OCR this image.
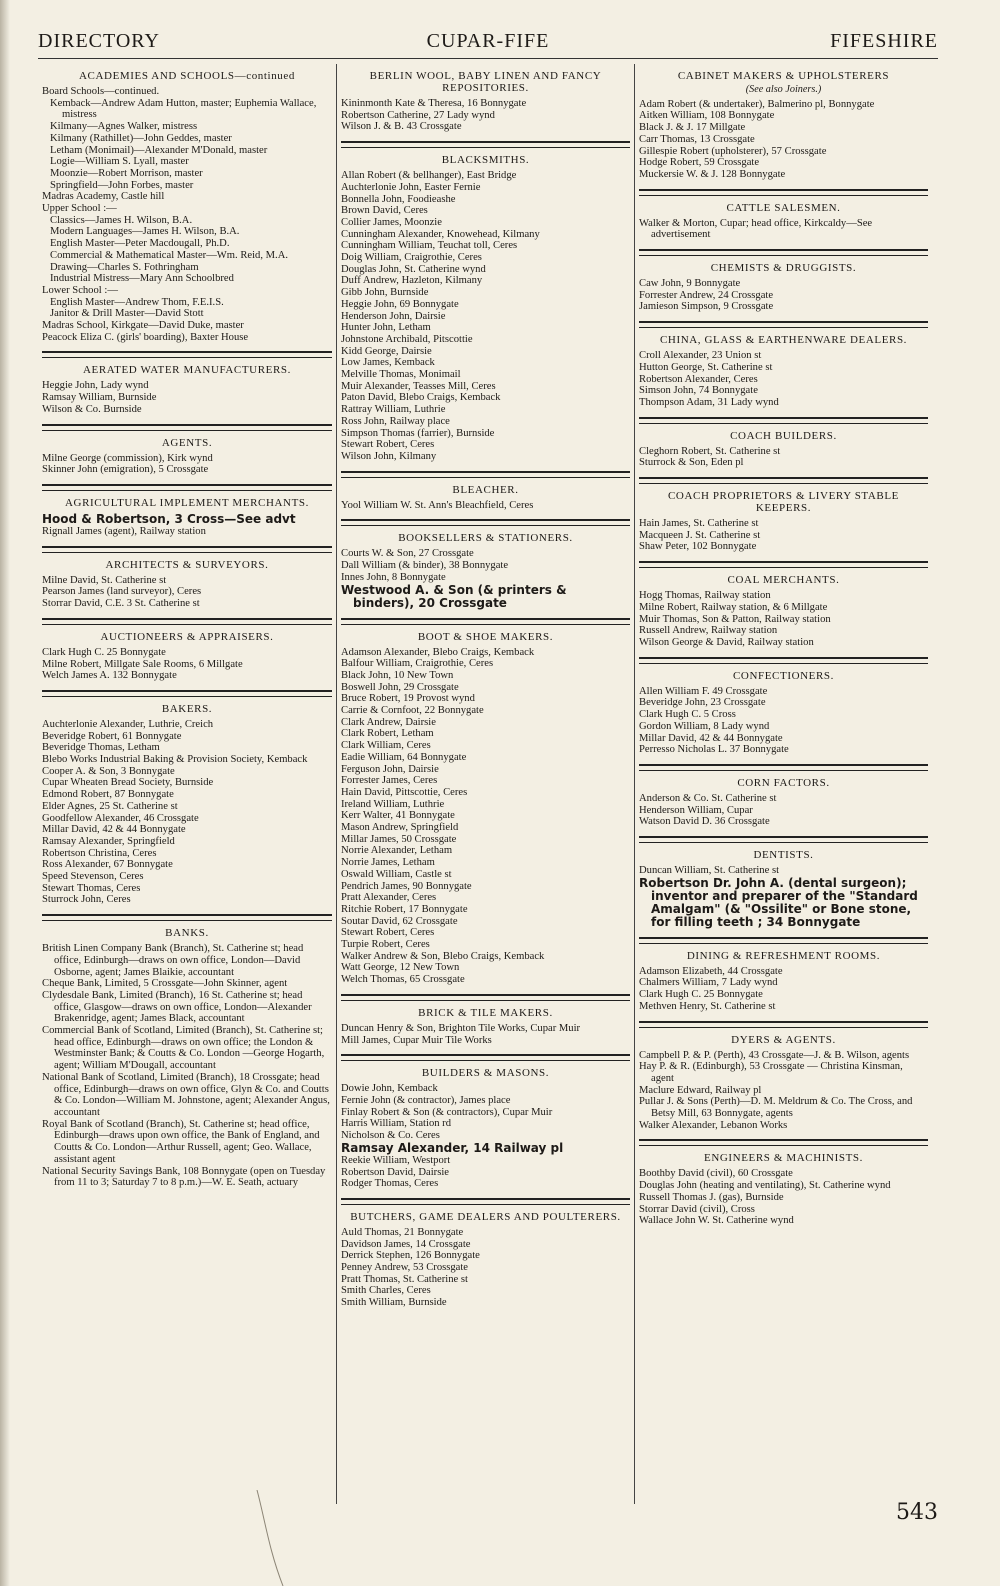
DIRECTORY	CUPAR-FIFE	FIFESHIRE
ACADEMIES AND SCHOOLS—continued

Board Schools—continued.

Kemback—Andrew Adam Hutton, master; Euphemia Wallace, mistress

Kilmany—Agnes Walker, mistress

Kilmany (Rathillet)—John Geddes, master

Letham (Monimail)—Alexander M'Donald, master

Logie—William S. Lyall, master

Moonzie—Robert Morrison, master

Springfield—John Forbes, master

Madras Academy, Castle hill

Upper School :—

Classics—James H. Wilson, B.A.

Modern Languages—James H. Wilson, B.A.

English Master—Peter Macdougall, Ph.D.

Commercial & Mathematical Master—Wm. Reid, M.A.

Drawing—Charles S. Fothringham

Industrial Mistress—Mary Ann Schoolbred

Lower School :—

English Master—Andrew Thom, F.E.I.S.

Janitor & Drill Master—David Stott

Madras School, Kirkgate—David Duke, master

Peacock Eliza C. (girls' boarding), Baxter House

AERATED WATER MANUFACTURERS.

Heggie John, Lady wynd

Ramsay William, Burnside

Wilson & Co. Burnside

AGENTS.

Milne George (commission), Kirk wynd

Skinner John (emigration), 5 Crossgate

AGRICULTURAL IMPLEMENT MERCHANTS.

Hood & Robertson, 3 Cross—See advt

Rignall James (agent), Railway station

ARCHITECTS & SURVEYORS.

Milne David, St. Catherine st

Pearson James (land surveyor), Ceres

Storrar David, C.E. 3 St. Catherine st

AUCTIONEERS & APPRAISERS.

Clark Hugh C. 25 Bonnygate

Milne Robert, Millgate Sale Rooms, 6 Millgate

Welch James A. 132 Bonnygate

BAKERS.

Auchterlonie Alexander, Luthrie, Creich

Beveridge Robert, 61 Bonnygate

Beveridge Thomas, Letham

Blebo Works Industrial Baking & Provision Society, Kemback

Cooper A. & Son, 3 Bonnygate

Cupar Wheaten Bread Society, Burnside

Edmond Robert, 87 Bonnygate

Elder Agnes, 25 St. Catherine st

Goodfellow Alexander, 46 Crossgate

Millar David, 42 & 44 Bonnygate

Ramsay Alexander, Springfield

Robertson Christina, Ceres

Ross Alexander, 67 Bonnygate

Speed Stevenson, Ceres

Stewart Thomas, Ceres

Sturrock John, Ceres

BANKS.

British Linen Company Bank (Branch), St. Catherine st; head office, Edinburgh—draws on own office, London—David Osborne, agent; James Blaikie, accountant

Cheque Bank, Limited, 5 Crossgate—John Skinner, agent

Clydesdale Bank, Limited (Branch), 16 St. Catherine st; head office, Glasgow—draws on own office, London—Alexander Brakenridge, agent; James Black, accountant

Commercial Bank of Scotland, Limited (Branch), St. Catherine st; head office, Edinburgh—draws on own office; the London & Westminster Bank; & Coutts & Co. London —George Hogarth, agent; William M'Dougall, accountant

National Bank of Scotland, Limited (Branch), 18 Crossgate; head office, Edinburgh—draws on own office, Glyn & Co. and Coutts & Co. London—William M. Johnstone, agent; Alexander Angus, accountant

Royal Bank of Scotland (Branch), St. Catherine st; head office, Edinburgh—draws upon own office, the Bank of England, and Coutts & Co. London—Arthur Russell, agent; Geo. Wallace, assistant agent

National Security Savings Bank, 108 Bonnygate (open on Tuesday from 11 to 3; Saturday 7 to 8 p.m.)—W. E. Seath, actuary

BERLIN WOOL, BABY LINEN AND FANCY REPOSITORIES.

Kininmonth Kate & Theresa, 16 Bonnygate

Robertson Catherine, 27 Lady wynd

Wilson J. & B. 43 Crossgate

BLACKSMITHS.

Allan Robert (& bellhanger), East Bridge

Auchterlonie John, Easter Fernie

Bonnella John, Foodieashe

Brown David, Ceres

Collier James, Moonzie

Cunningham Alexander, Knowehead, Kilmany

Cunningham William, Teuchat toll, Ceres

Doig William, Craigrothie, Ceres

Douglas John, St. Catherine wynd

Duff Andrew, Hazleton, Kilmany

Gibb John, Burnside

Heggie John, 69 Bonnygate

Henderson John, Dairsie

Hunter John, Letham

Johnstone Archibald, Pitscottie

Kidd George, Dairsie

Low James, Kemback

Melville Thomas, Monimail

Muir Alexander, Teasses Mill, Ceres

Paton David, Blebo Craigs, Kemback

Rattray William, Luthrie

Ross John, Railway place

Simpson Thomas (farrier), Burnside

Stewart Robert, Ceres

Wilson John, Kilmany

BLEACHER.

Yool William W. St. Ann's Bleachfield, Ceres

BOOKSELLERS & STATIONERS.

Courts W. & Son, 27 Crossgate

Dall William (& binder), 38 Bonnygate

Innes John, 8 Bonnygate

Westwood A. & Son (& printers & binders), 20 Crossgate

BOOT & SHOE MAKERS.

Adamson Alexander, Blebo Craigs, Kemback

Balfour William, Craigrothie, Ceres

Black John, 10 New Town

Boswell John, 29 Crossgate

Bruce Robert, 19 Provost wynd

Carrie & Cornfoot, 22 Bonnygate

Clark Andrew, Dairsie

Clark Robert, Letham

Clark William, Ceres

Eadie William, 64 Bonnygate

Ferguson John, Dairsie

Forrester James, Ceres

Hain David, Pittscottie, Ceres

Ireland William, Luthrie

Kerr Walter, 41 Bonnygate

Mason Andrew, Springfield

Millar James, 50 Crossgate

Norrie Alexander, Letham

Norrie James, Letham

Oswald William, Castle st

Pendrich James, 90 Bonnygate

Pratt Alexander, Ceres

Ritchie Robert, 17 Bonnygate

Soutar David, 62 Crossgate

Stewart Robert, Ceres

Turpie Robert, Ceres

Walker Andrew & Son, Blebo Craigs, Kemback

Watt George, 12 New Town

Welch Thomas, 65 Crossgate

BRICK & TILE MAKERS.

Duncan Henry & Son, Brighton Tile Works, Cupar Muir

Mill James, Cupar Muir Tile Works

BUILDERS & MASONS.

Dowie John, Kemback

Fernie John (& contractor), James place

Finlay Robert & Son (& contractors), Cupar Muir

Harris William, Station rd

Nicholson & Co. Ceres

Ramsay Alexander, 14 Railway pl

Reekie William, Westport

Robertson David, Dairsie

Rodger Thomas, Ceres

BUTCHERS, GAME DEALERS AND POULTERERS.

Auld Thomas, 21 Bonnygate

Davidson James, 14 Crossgate

Derrick Stephen, 126 Bonnygate

Penney Andrew, 53 Crossgate

Pratt Thomas, St. Catherine st

Smith Charles, Ceres

Smith William, Burnside

CABINET MAKERS & UPHOLSTERERS
(See also Joiners.)

Adam Robert (& undertaker), Balmerino pl, Bonnygate

Aitken William, 108 Bonnygate

Black J. & J. 17 Millgate

Carr Thomas, 13 Crossgate

Gillespie Robert (upholsterer), 57 Crossgate

Hodge Robert, 59 Crossgate

Muckersie W. & J. 128 Bonnygate

CATTLE SALESMEN.

Walker & Morton, Cupar; head office, Kirkcaldy—See advertisement

CHEMISTS & DRUGGISTS.

Caw John, 9 Bonnygate

Forrester Andrew, 24 Crossgate

Jamieson Simpson, 9 Crossgate

CHINA, GLASS & EARTHENWARE DEALERS.

Croll Alexander, 23 Union st

Hutton George, St. Catherine st

Robertson Alexander, Ceres

Simson John, 74 Bonnygate

Thompson Adam, 31 Lady wynd

COACH BUILDERS.

Cleghorn Robert, St. Catherine st

Sturrock & Son, Eden pl

COACH PROPRIETORS & LIVERY STABLE KEEPERS.

Hain James, St. Catherine st

Macqueen J. St. Catherine st

Shaw Peter, 102 Bonnygate

COAL MERCHANTS.

Hogg Thomas, Railway station

Milne Robert, Railway station, & 6 Millgate

Muir Thomas, Son & Patton, Railway station

Russell Andrew, Railway station

Wilson George & David, Railway station

CONFECTIONERS.

Allen William F. 49 Crossgate

Beveridge John, 23 Crossgate

Clark Hugh C. 5 Cross

Gordon William, 8 Lady wynd

Millar David, 42 & 44 Bonnygate

Perresso Nicholas L. 37 Bonnygate

CORN FACTORS.

Anderson & Co. St. Catherine st

Henderson William, Cupar

Watson David D. 36 Crossgate

DENTISTS.

Duncan William, St. Catherine st

Robertson Dr. John A. (dental surgeon); inventor and preparer of the "Standard Amalgam" (& "Ossilite" or Bone stone, for filling teeth ; 34 Bonnygate

DINING & REFRESHMENT ROOMS.

Adamson Elizabeth, 44 Crossgate

Chalmers William, 7 Lady wynd

Clark Hugh C. 25 Bonnygate

Methven Henry, St. Catherine st

DYERS & AGENTS.

Campbell P. & P. (Perth), 43 Crossgate—J. & B. Wilson, agents

Hay P. & R. (Edinburgh), 53 Crossgate — Christina Kinsman, agent

Maclure Edward, Railway pl

Pullar J. & Sons (Perth)—D. M. Meldrum & Co. The Cross, and Betsy Mill, 63 Bonnygate, agents

Walker Alexander, Lebanon Works

ENGINEERS & MACHINISTS.

Boothby David (civil), 60 Crossgate

Douglas John (heating and ventilating), St. Catherine wynd

Russell Thomas J. (gas), Burnside

Storrar David (civil), Cross

Wallace John W. St. Catherine wynd

543
